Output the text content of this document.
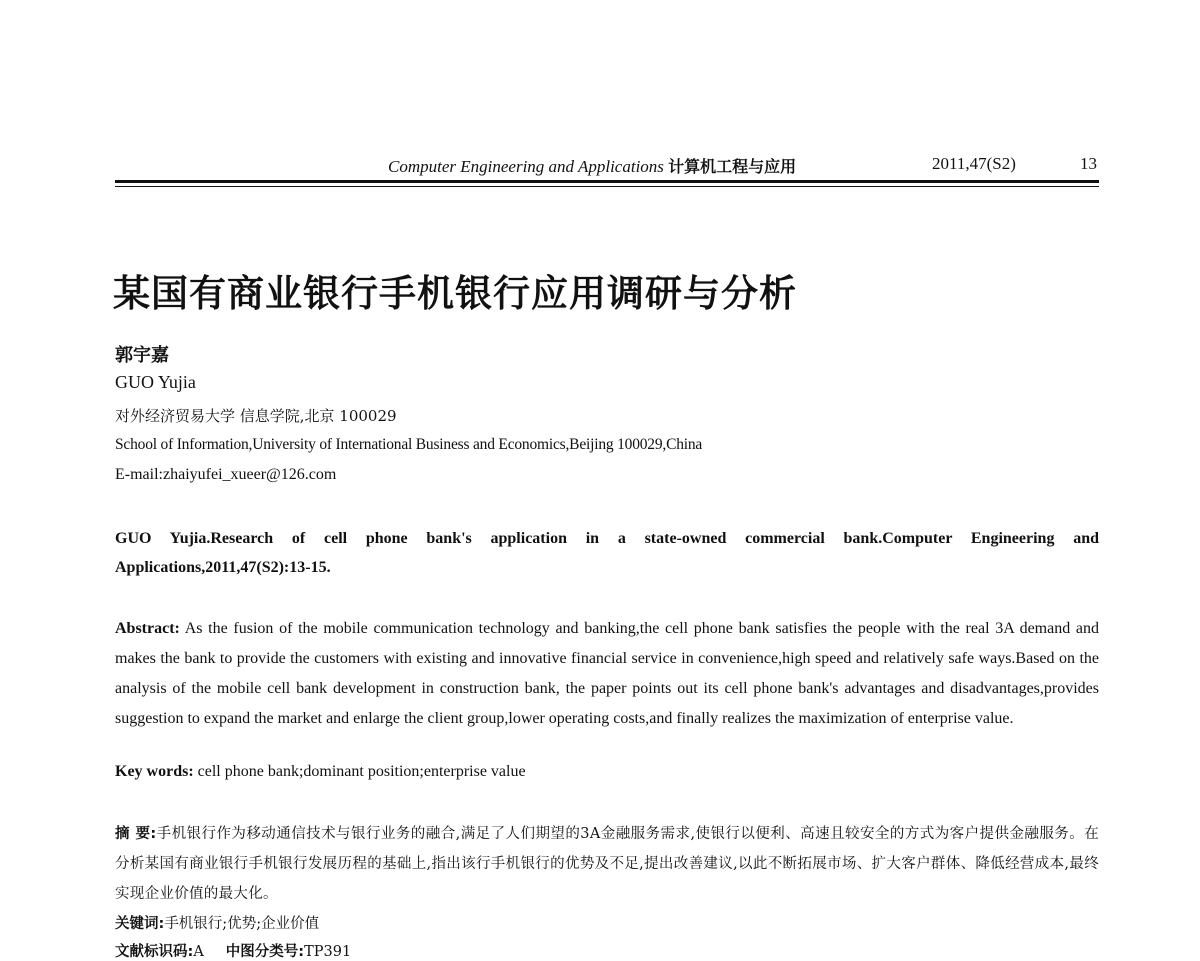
Computer Engineering and Applications 计算机工程与应用	2011,47(S2)	13
某国有商业银行手机银行应用调研与分析
郭宇嘉
GUO Yujia
对外经济贸易大学 信息学院,北京 100029
School of Information,University of International Business and Economics,Beijing 100029,China
E-mail:zhaiyufei_xueer@126.com
GUO Yujia.Research of cell phone bank's application in a state-owned commercial bank.Computer Engineering and Applications,2011,47(S2):13-15.
Abstract: As the fusion of the mobile communication technology and banking,the cell phone bank satisfies the people with the real 3A demand and makes the bank to provide the customers with existing and innovative financial service in convenience,high speed and relatively safe ways.Based on the analysis of the mobile cell bank development in construction bank, the paper points out its cell phone bank's advantages and disadvantages,provides suggestion to expand the market and enlarge the client group,lower operating costs,and finally realizes the maximization of enterprise value.
Key words: cell phone bank;dominant position;enterprise value
摘 要:手机银行作为移动通信技术与银行业务的融合,满足了人们期望的3A金融服务需求,使银行以便利、高速且较安全的方式为客户提供金融服务。在分析某国有商业银行手机银行发展历程的基础上,指出该行手机银行的优势及不足,提出改善建议,以此不断拓展市场、扩大客户群体、降低经营成本,最终实现企业价值的最大化。
关键词:手机银行;优势;企业价值
文献标识码:A 中图分类号:TP391
